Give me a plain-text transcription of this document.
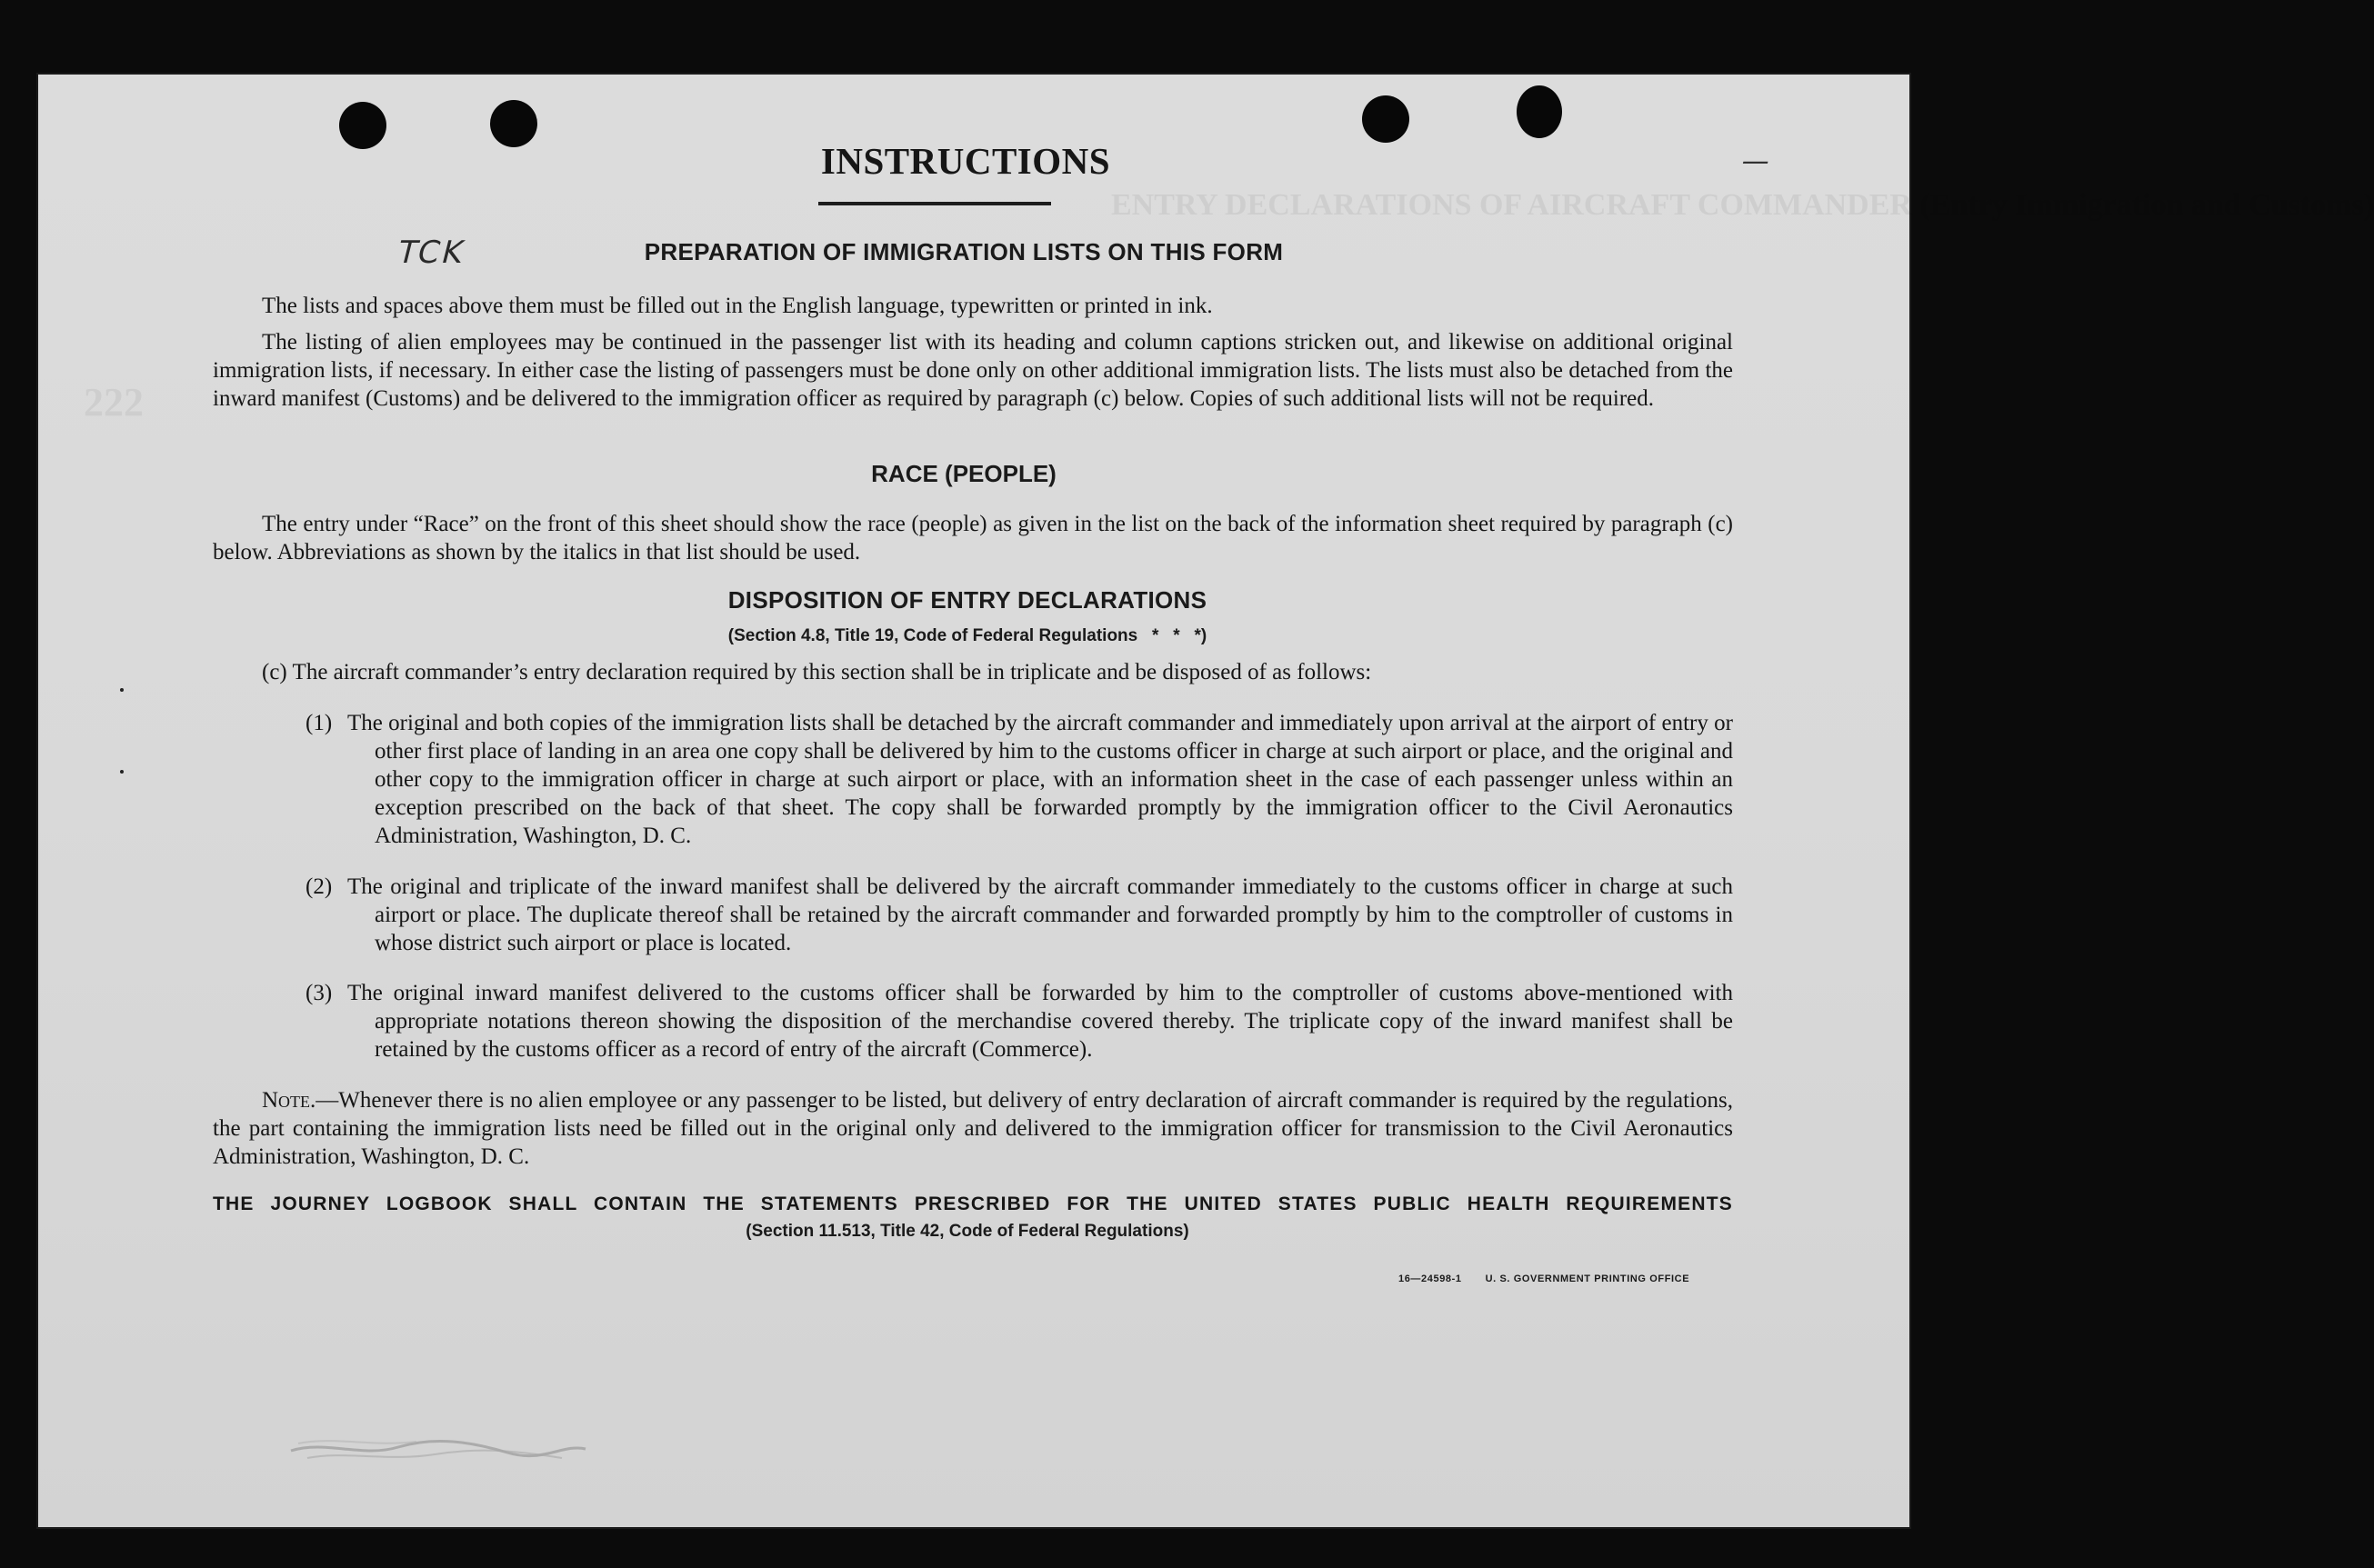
ENTRY DECLARATIONS OF AIRCRAFT COMMANDER (Entry Immigration and Customs)
222
INSTRUCTIONS
TCK
—
PREPARATION OF IMMIGRATION LISTS ON THIS FORM

The lists and spaces above them must be filled out in the English language, typewritten or printed in ink.

The listing of alien employees may be continued in the passenger list with its heading and column captions stricken out, and likewise on additional original immigration lists, if necessary. In either case the listing of passengers must be done only on other additional immigration lists. The lists must also be detached from the inward manifest (Customs) and be delivered to the immigration officer as required by paragraph (c) below. Copies of such additional lists will not be required.

RACE (PEOPLE)

The entry under “Race” on the front of this sheet should show the race (people) as given in the list on the back of the information sheet required by paragraph (c) below. Abbreviations as shown by the italics in that list should be used.

DISPOSITION OF ENTRY DECLARATIONS
(Section 4.8, Title 19, Code of Federal Regulations   *   *   *)

(c) The aircraft commander’s entry declaration required by this section shall be in triplicate and be disposed of as follows:

(1) The original and both copies of the immigration lists shall be detached by the aircraft commander and immediately upon arrival at the airport of entry or other first place of landing in an area one copy shall be delivered by him to the customs officer in charge at such airport or place, and the original and other copy to the immigration officer in charge at such airport or place, with an information sheet in the case of each passenger unless within an exception prescribed on the back of that sheet. The copy shall be forwarded promptly by the immigration officer to the Civil Aeronautics Administration, Washington, D. C.

(2) The original and triplicate of the inward manifest shall be delivered by the aircraft commander immediately to the customs officer in charge at such airport or place. The duplicate thereof shall be retained by the aircraft commander and forwarded promptly by him to the comptroller of customs in whose district such airport or place is located.

(3) The original inward manifest delivered to the customs officer shall be forwarded by him to the comptroller of customs above-mentioned with appropriate notations thereon showing the disposition of the merchandise covered thereby. The triplicate copy of the inward manifest shall be retained by the customs officer as a record of entry of the aircraft (Commerce).

Note.—Whenever there is no alien employee or any passenger to be listed, but delivery of entry declaration of aircraft commander is required by the regulations, the part containing the immigration lists need be filled out in the original only and delivered to the immigration officer for transmission to the Civil Aeronautics Administration, Washington, D. C.

THE JOURNEY LOGBOOK SHALL CONTAIN THE STATEMENTS PRESCRIBED FOR THE UNITED STATES PUBLIC HEALTH REQUIREMENTS
(Section 11.513, Title 42, Code of Federal Regulations)
16—24598-1 U. S. GOVERNMENT PRINTING OFFICE
